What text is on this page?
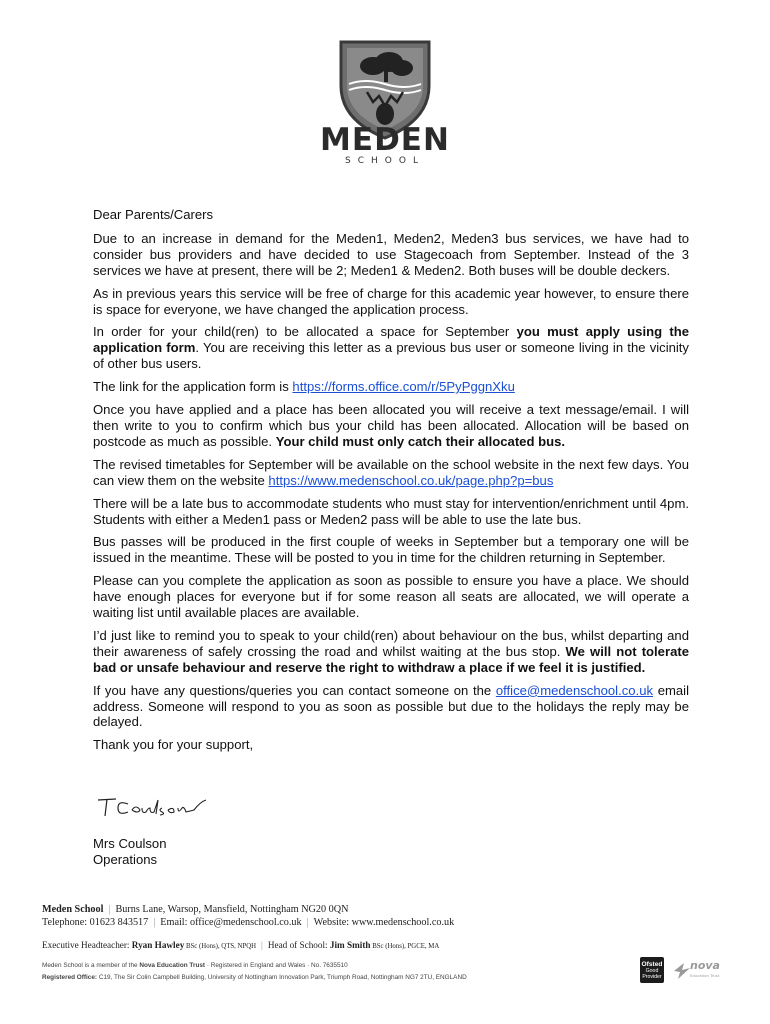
MEDEN
SCHOOL

Dear Parents/Carers

Due to an increase in demand for the Meden1, Meden2, Meden3 bus services, we have had to consider bus providers and have decided to use Stagecoach from September. Instead of the 3 services we have at present, there will be 2; Meden1 & Meden2. Both buses will be double deckers.

As in previous years this service will be free of charge for this academic year however, to ensure there is space for everyone, we have changed the application process.

In order for your child(ren) to be allocated a space for September you must apply using the application form. You are receiving this letter as a previous bus user or someone living in the vicinity of other bus users.

The link for the application form is https://forms.office.com/r/5PyPggnXku

Once you have applied and a place has been allocated you will receive a text message/email. I will then write to you to confirm which bus your child has been allocated. Allocation will be based on postcode as much as possible. Your child must only catch their allocated bus.

The revised timetables for September will be available on the school website in the next few days. You can view them on the website https://www.medenschool.co.uk/page.php?p=bus

There will be a late bus to accommodate students who must stay for intervention/enrichment until 4pm. Students with either a Meden1 pass or Meden2 pass will be able to use the late bus.

Bus passes will be produced in the first couple of weeks in September but a temporary one will be issued in the meantime. These will be posted to you in time for the children returning in September.

Please can you complete the application as soon as possible to ensure you have a place. We should have enough places for everyone but if for some reason all seats are allocated, we will operate a waiting list until available places are available.

I’d just like to remind you to speak to your child(ren) about behaviour on the bus, whilst departing and their awareness of safely crossing the road and whilst waiting at the bus stop. We will not tolerate bad or unsafe behaviour and reserve the right to withdraw a place if we feel it is justified.

If you have any questions/queries you can contact someone on the office@medenschool.co.uk email address. Someone will respond to you as soon as possible but due to the holidays the reply may be delayed.

Thank you for your support,

Mrs Coulson
Operations
Meden School | Burns Lane, Warsop, Mansfield, Nottingham NG20 0QN
Telephone: 01623 843517 | Email: office@medenschool.co.uk | Website: www.medenschool.co.uk
Executive Headteacher: Ryan Hawley BSc (Hons), QTS, NPQH | Head of School: Jim Smith BSc (Hons), PGCE, MA
Meden School is a member of the Nova Education Trust · Registered in England and Wales · No. 7635510
Registered Office: C19, The Sir Colin Campbell Building, University of Nottingham Innovation Park, Triumph Road, Nottingham NG7 2TU, ENGLAND
Ofsted
Good
Provider
nova
Education Trust
